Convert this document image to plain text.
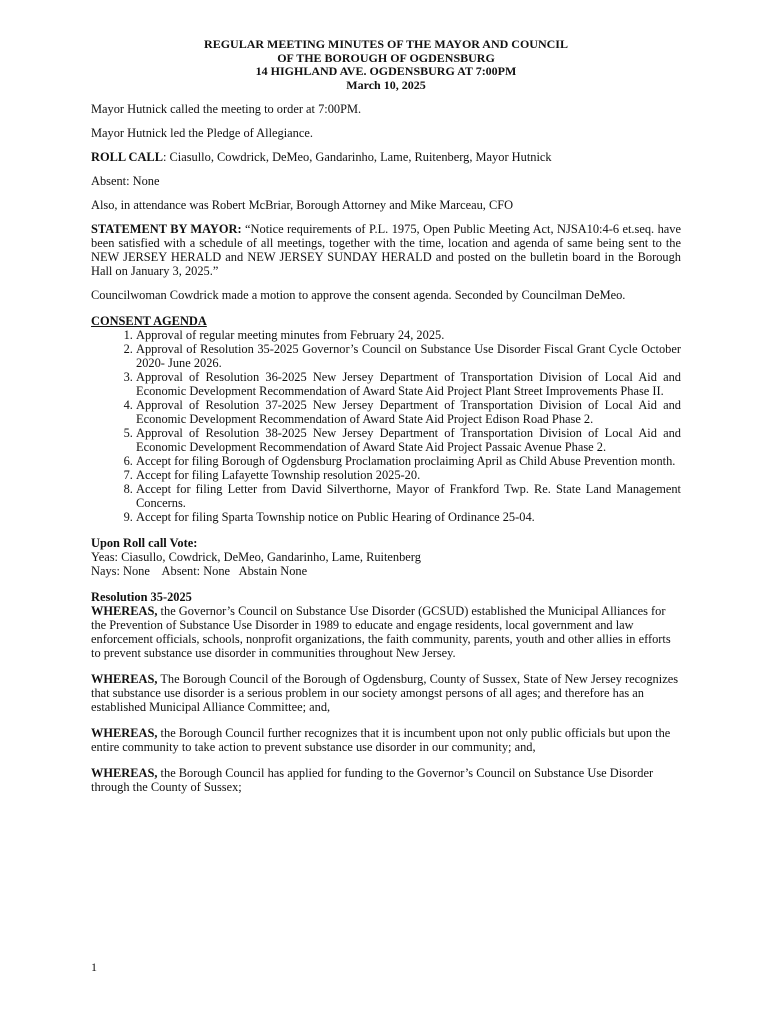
REGULAR MEETING MINUTES OF THE MAYOR AND COUNCIL
OF THE BOROUGH OF OGDENSBURG
14 HIGHLAND AVE. OGDENSBURG AT 7:00PM
March 10, 2025

Mayor Hutnick called the meeting to order at 7:00PM.

Mayor Hutnick led the Pledge of Allegiance.

ROLL CALL: Ciasullo, Cowdrick, DeMeo, Gandarinho, Lame, Ruitenberg, Mayor Hutnick

Absent: None

Also, in attendance was Robert McBriar, Borough Attorney and Mike Marceau, CFO

STATEMENT BY MAYOR: “Notice requirements of P.L. 1975, Open Public Meeting Act, NJSA10:4-6 et.seq. have been satisfied with a schedule of all meetings, together with the time, location and agenda of same being sent to the NEW JERSEY HERALD and NEW JERSEY SUNDAY HERALD and posted on the bulletin board in the Borough Hall on January 3, 2025.”

Councilwoman Cowdrick made a motion to approve the consent agenda. Seconded by Councilman DeMeo.

CONSENT AGENDA
1. Approval of regular meeting minutes from February 24, 2025.
2. Approval of Resolution 35-2025 Governor’s Council on Substance Use Disorder Fiscal Grant Cycle October 2020- June 2026.
3. Approval of Resolution 36-2025 New Jersey Department of Transportation Division of Local Aid and Economic Development Recommendation of Award State Aid Project Plant Street Improvements Phase II.
4. Approval of Resolution 37-2025 New Jersey Department of Transportation Division of Local Aid and Economic Development Recommendation of Award State Aid Project Edison Road Phase 2.
5. Approval of Resolution 38-2025 New Jersey Department of Transportation Division of Local Aid and Economic Development Recommendation of Award State Aid Project Passaic Avenue Phase 2.
6. Accept for filing Borough of Ogdensburg Proclamation proclaiming April as Child Abuse Prevention month.
7. Accept for filing Lafayette Township resolution 2025-20.
8. Accept for filing Letter from David Silverthorne, Mayor of Frankford Twp. Re. State Land Management Concerns.
9. Accept for filing Sparta Township notice on Public Hearing of Ordinance 25-04.
Upon Roll call Vote:
Yeas: Ciasullo, Cowdrick, DeMeo, Gandarinho, Lame, Ruitenberg
Nays: None    Absent: None   Abstain None
Resolution 35-2025

WHEREAS, the Governor’s Council on Substance Use Disorder (GCSUD) established the Municipal Alliances for the Prevention of Substance Use Disorder in 1989 to educate and engage residents, local government and law enforcement officials, schools, nonprofit organizations, the faith community, parents, youth and other allies in efforts to prevent substance use disorder in communities throughout New Jersey.

WHEREAS, The Borough Council of the Borough of Ogdensburg, County of Sussex, State of New Jersey recognizes that substance use disorder is a serious problem in our society amongst persons of all ages; and therefore has an established Municipal Alliance Committee; and,

WHEREAS, the Borough Council further recognizes that it is incumbent upon not only public officials but upon the entire community to take action to prevent substance use disorder in our community; and,

WHEREAS, the Borough Council has applied for funding to the Governor’s Council on Substance Use Disorder through the County of Sussex;

1
